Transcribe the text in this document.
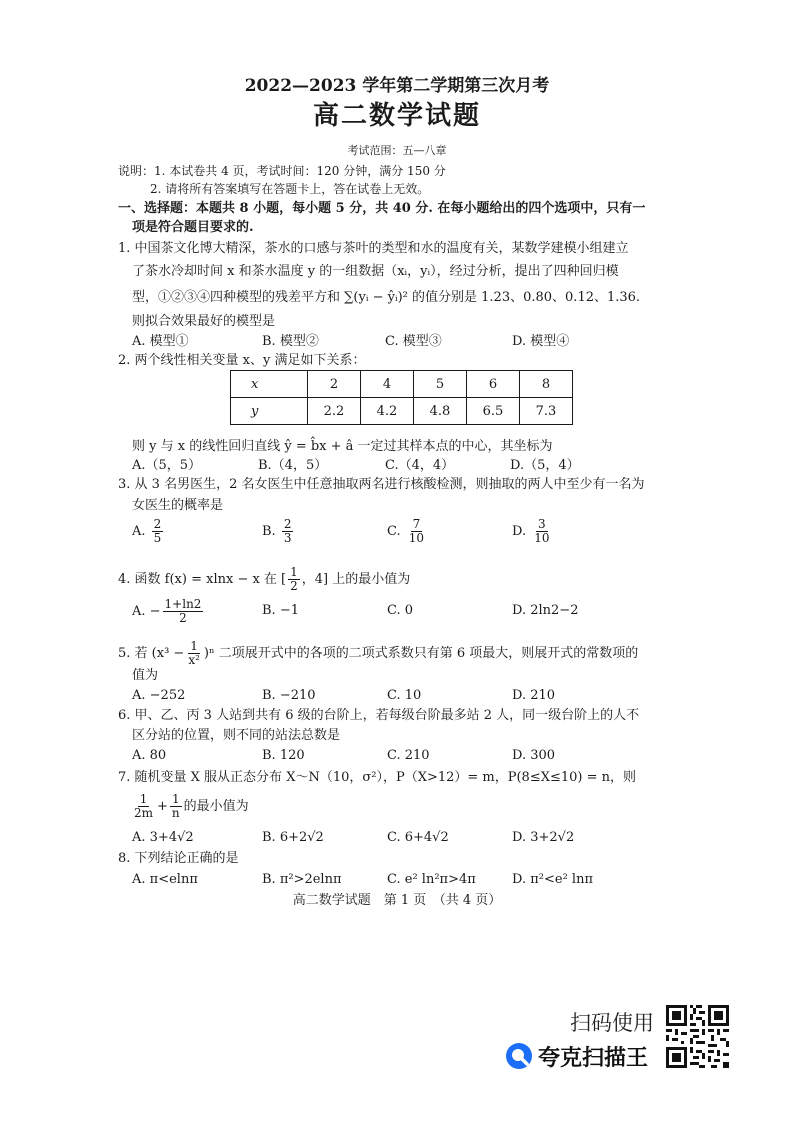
2022—2023 学年第二学期第三次月考
高二数学试题
考试范围：五—八章
说明：1. 本试卷共 4 页，考试时间：120 分钟，满分 150 分
2. 请将所有答案填写在答题卡上，答在试卷上无效。
一、选择题：本题共 8 小题，每小题 5 分，共 40 分. 在每小题给出的四个选项中，只有一
项是符合题目要求的.
1. 中国茶文化博大精深，茶水的口感与茶叶的类型和水的温度有关，某数学建模小组建立
了茶水冷却时间 x 和茶水温度 y 的一组数据（xᵢ，yᵢ），经过分析，提出了四种回归模
型，①②③④四种模型的残差平方和 ∑(yᵢ − ŷᵢ)² 的值分别是 1.23、0.80、0.12、1.36.
则拟合效果最好的模型是
A. 模型①	B. 模型②	C. 模型③	D. 模型④
2. 两个线性相关变量 x、y 满足如下关系：
x	2	4	5	6	8
y	2.2	4.2	4.8	6.5	7.3
则 y 与 x 的线性回归直线 ŷ = b̂x + â 一定过其样本点的中心，其坐标为
A.（5，5）	B.（4，5）	C.（4，4）	D.（5，4）
3. 从 3 名男医生，2 名女医生中任意抽取两名进行核酸检测，则抽取的两人中至少有一名为
女医生的概率是
A. $\frac{2}{5}$	B. $\frac{2}{3}$	C. $\frac{7}{10}$	D. $\frac{3}{10}$
4. 函数 f(x) = xlnx − x 在 [ $\frac{1}{2}$ ，4] 上的最小值为
A. − $\frac{1+\ln 2}{2}$	B. −1	C. 0	D. 2ln2−2
5. 若 $(x^3 - \frac{1}{\text{x²}} )^n$ 二项展开式中的各项的二项式系数只有第 6 项最大，则展开式的常数项的
值为
A. −252	B. −210	C. 10	D. 210
6. 甲、乙、丙 3 人站到共有 6 级的台阶上，若每级台阶最多站 2 人，同一级台阶上的人不
区分站的位置，则不同的站法总数是
A. 80	B. 120	C. 210	D. 300
7. 随机变量 X 服从正态分布 X～N（10，σ²），P（X>12）= m，P(8≤X≤10) = n，则
$\frac{1}{2m} + \frac{1}{n}$ 的最小值为
A. 3+4√2	B. 6+2√2	C. 6+4√2	D. 3+2√2
8. 下列结论正确的是
A. π<elnπ	B. π²>2elnπ	C. e² ln²π>4π	D. π²<e² lnπ
高二数学试题　第 1 页　（共 4 页）
扫码使用
夸克扫描王
